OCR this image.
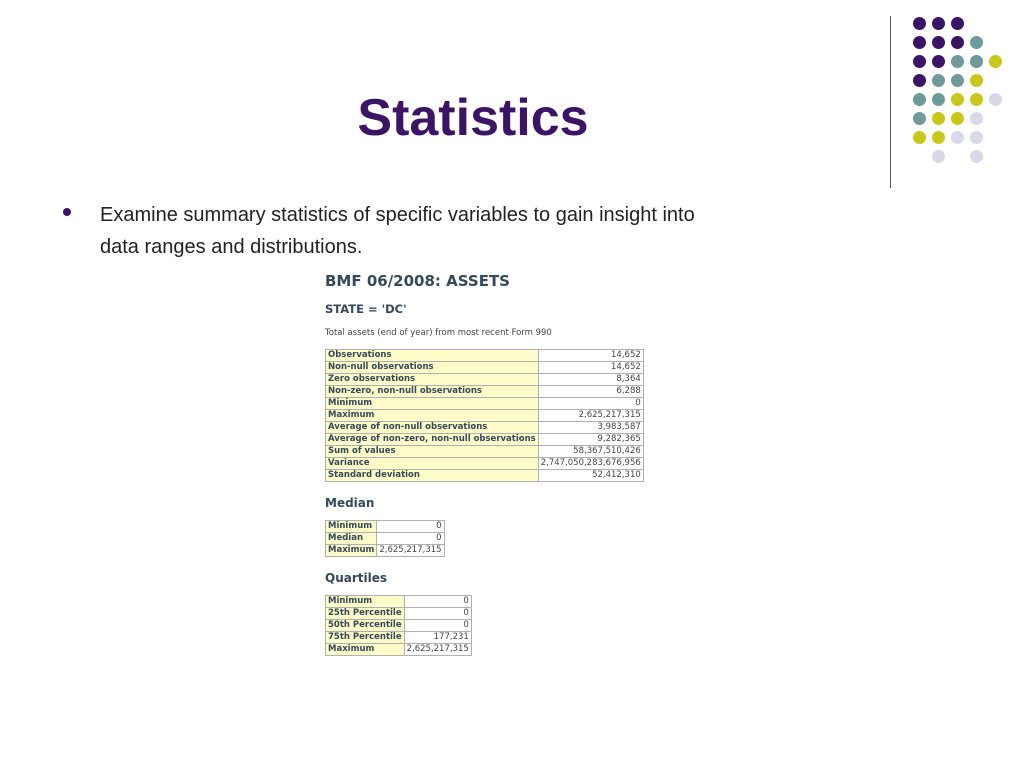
Statistics
Examine summary statistics of specific variables to gain insight into data ranges and distributions.
BMF 06/2008: ASSETS
STATE = 'DC'
Total assets (end of year) from most recent Form 990
Observations	14,652
Non-null observations	14,652
Zero observations	8,364
Non-zero, non-null observations	6,288
Minimum	0
Maximum	2,625,217,315
Average of non-null observations	3,983,587
Average of non-zero, non-null observations	9,282,365
Sum of values	58,367,510,426
Variance	2,747,050,283,676,956
Standard deviation	52,412,310
Median
Minimum	0
Median	0
Maximum	2,625,217,315
Quartiles
Minimum	0
25th Percentile	0
50th Percentile	0
75th Percentile	177,231
Maximum	2,625,217,315
